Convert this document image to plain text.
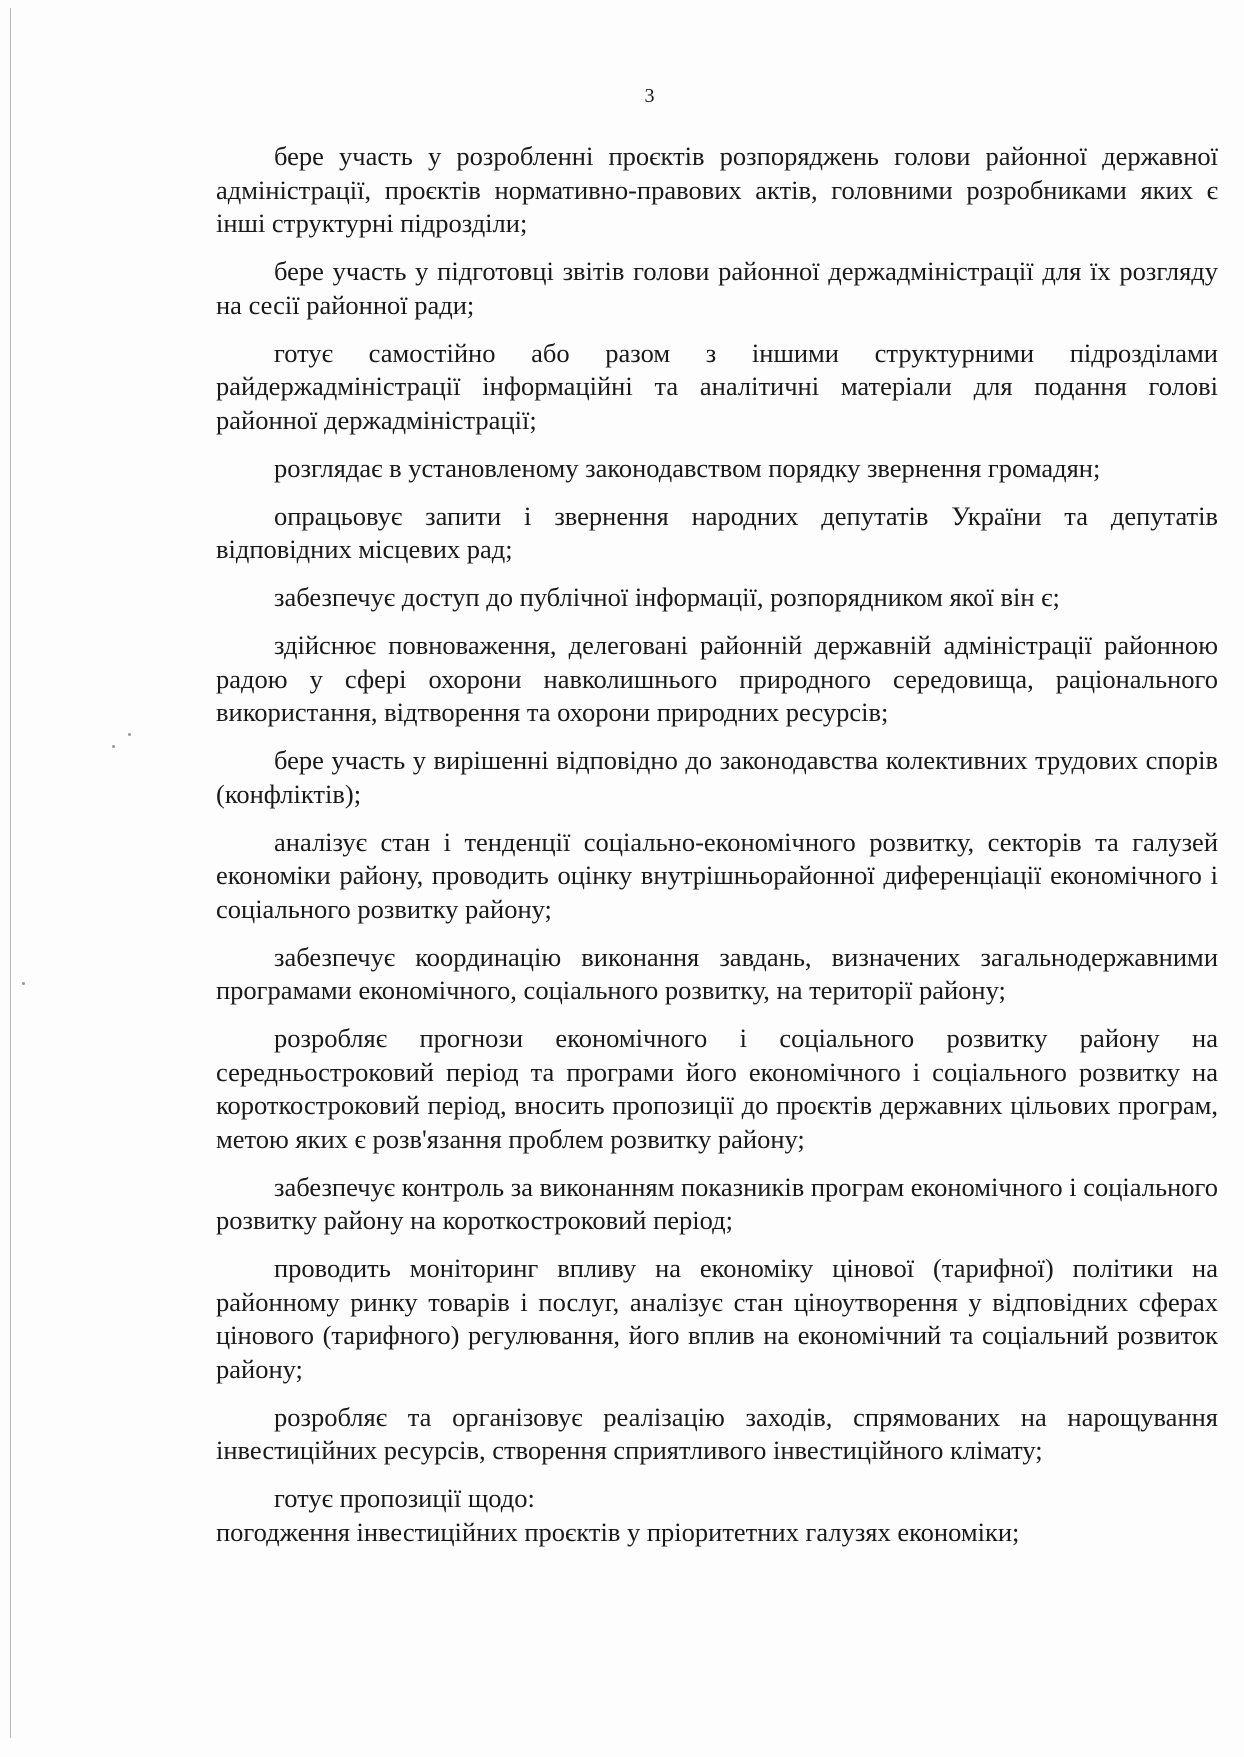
3

бере участь у розробленні проєктів розпоряджень голови районної державної адміністрації, проєктів нормативно-правових актів, головними розробниками яких є інші структурні підрозділи;

бере участь у підготовці звітів голови районної держадміністрації для їх розгляду на сесії районної ради;

готує самостійно або разом з іншими структурними підрозділами райдержадміністрації інформаційні та аналітичні матеріали для подання голові районної держадміністрації;

розглядає в установленому законодавством порядку звернення громадян;

опрацьовує запити і звернення народних депутатів України та депутатів відповідних місцевих рад;

забезпечує доступ до публічної інформації, розпорядником якої він є;

здійснює повноваження, делеговані районній державній адміністрації районною радою у сфері охорони навколишнього природного середовища, раціонального використання, відтворення та охорони природних ресурсів;

бере участь у вирішенні відповідно до законодавства колективних трудових спорів (конфліктів);

аналізує стан і тенденції соціально-економічного розвитку, секторів та галузей економіки району, проводить оцінку внутрішньорайонної диференціації економічного і соціального розвитку району;

забезпечує координацію виконання завдань, визначених загальнодержавними програмами економічного, соціального розвитку, на території району;

розробляє прогнози економічного і соціального розвитку району на середньостроковий період та програми його економічного і соціального розвитку на короткостроковий період, вносить пропозиції до проєктів державних цільових програм, метою яких є розв'язання проблем розвитку району;

забезпечує контроль за виконанням показників програм економічного і соціального розвитку району на короткостроковий період;

проводить моніторинг впливу на економіку цінової (тарифної) політики на районному ринку товарів і послуг, аналізує стан ціноутворення у відповідних сферах цінового (тарифного) регулювання, його вплив на економічний та соціальний розвиток району;

розробляє та організовує реалізацію заходів, спрямованих на нарощування інвестиційних ресурсів, створення сприятливого інвестиційного клімату;

готує пропозиції щодо:

погодження інвестиційних проєктів у пріоритетних галузях економіки;
